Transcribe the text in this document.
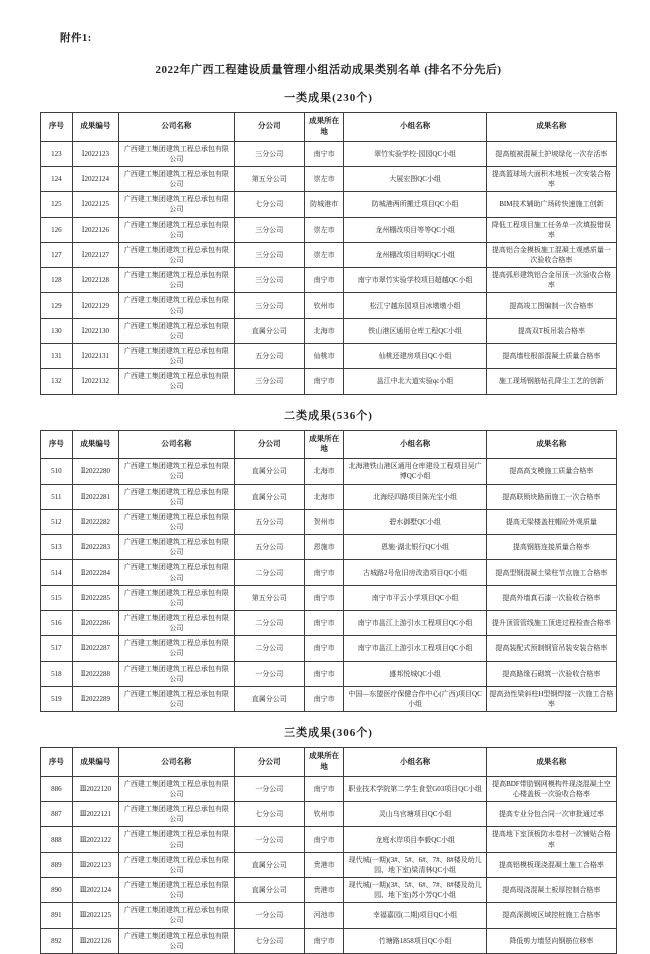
附件1:
2022年广西工程建设质量管理小组活动成果类别名单 (排名不分先后)
一类成果(230个)
序号	成果编号	公司名称	分公司	成果所在地	小组名称	成果名称
123	Ⅰ2022123	广西建工集团建筑工程总承包有限公司	三分公司	南宁市	翠竹实验学校·园园QC小组	提高植被混凝土护坡绿化一次存活率
124	Ⅰ2022124	广西建工集团建筑工程总承包有限公司	第五分公司	崇左市	大展宏图QC小组	提高篮球场大面积木地板一次安装合格率
125	Ⅰ2022125	广西建工集团建筑工程总承包有限公司	七分公司	防城港市	防城港两所搬迁项目QC小组	BIM技术辅助广场砖快速施工创新
126	Ⅰ2022126	广西建工集团建筑工程总承包有限公司	三分公司	崇左市	龙州棚改项目等等QC小组	降低工程项目施工任务单一次填报错误率
127	Ⅰ2022127	广西建工集团建筑工程总承包有限公司	三分公司	崇左市	龙州棚改项目明明QC小组	提高铝合金模板施工混凝土观感质量一次验收合格率
128	Ⅰ2022128	广西建工集团建筑工程总承包有限公司	三分公司	南宁市	南宁市翠竹实验学校项目超越QC小组	提高弧形建筑铝合金吊顶一次验收合格率
129	Ⅰ2022129	广西建工集团建筑工程总承包有限公司	三分公司	钦州市	松江宁越东园项目冰墩墩小组	提高竣工图编制一次合格率
130	Ⅰ2022130	广西建工集团建筑工程总承包有限公司	直属分公司	北海市	铁山港区通用仓库工程QC小组	提高双T板吊装合格率
131	Ⅰ2022131	广西建工集团建筑工程总承包有限公司	五分公司	仙桃市	仙桃还建房项目QC小组	提高墙柱根部混凝土质量合格率
132	Ⅰ2022132	广西建工集团建筑工程总承包有限公司	三分公司	南宁市	邕江中北大道实验qc小组	施工现场钢筋钻孔降尘工艺的创新
二类成果(536个)
序号	成果编号	公司名称	分公司	成果所在地	小组名称	成果名称
510	Ⅱ2022280	广西建工集团建筑工程总承包有限公司	直属分公司	北海市	北海港铁山港区通用仓库建设工程项目吴广博QC小组	提高高支模施工质量合格率
511	Ⅱ2022281	广西建工集团建筑工程总承包有限公司	直属分公司	北海市	北海经四路项目陈光宝小组	提高联锁块路面施工一次合格率
512	Ⅱ2022282	广西建工集团建筑工程总承包有限公司	五分公司	贺州市	碧水御墅QC小组	提高无梁楼盖柱帽砼外观质量
513	Ⅱ2022283	广西建工集团建筑工程总承包有限公司	五分公司	恩施市	恩施·湖北银行QC小组	提高钢筋连接质量合格率
514	Ⅱ2022284	广西建工集团建筑工程总承包有限公司	二分公司	南宁市	古城路2号危旧房改造项目QC小组	提高型钢混凝土梁柱节点施工合格率
515	Ⅱ2022285	广西建工集团建筑工程总承包有限公司	第五分公司	南宁市	南宁市平云小学项目QC小组	提高外墙真石漆一次验收合格率
516	Ⅱ2022286	广西建工集团建筑工程总承包有限公司	二分公司	南宁市	南宁市邕江上游引水工程项目QC小组	提升顶管管线施工顶进过程检查合格率
517	Ⅱ2022287	广西建工集团建筑工程总承包有限公司	二分公司	南宁市	南宁市邕江上游引水工程项目QC小组	提高装配式预制钢管吊装安装合格率
518	Ⅱ2022288	广西建工集团建筑工程总承包有限公司	一分公司	南宁市	盛邦悦城QC小组	提高路缘石砌筑一次验收合格率
519	Ⅱ2022289	广西建工集团建筑工程总承包有限公司	直属分公司	南宁市	中国—东盟医疗保健合作中心(广西)项目QC小组	提高劲性梁斜柱H型钢焊接一次施工合格率
三类成果(306个)
序号	成果编号	公司名称	分公司	成果所在地	小组名称	成果名称
886	Ⅲ2022120	广西建工集团建筑工程总承包有限公司	一分公司	南宁市	职业技术学院第二学生食堂G03项目QC小组	提高BDF带肋钢网模构件现浇混凝土空心楼盖板一次验收合格率
887	Ⅲ2022121	广西建工集团建筑工程总承包有限公司	七分公司	钦州市	灵山乌官塘项目QC小组	提高专业分包合同一次审批通过率
888	Ⅲ2022122	广西建工集团建筑工程总承包有限公司	一分公司	南宁市	龙庭水岸项目李毅QC小组	提高地下室顶板防水卷材一次铺贴合格率
889	Ⅲ2022123	广西建工集团建筑工程总承包有限公司	直属分公司	贵港市	现代城(一期)(3#、5#、6#、7#、8#楼及幼儿园、地下室)梁清林QC小组	提高铝模板现浇混凝土施工合格率
890	Ⅲ2022124	广西建工集团建筑工程总承包有限公司	直属分公司	贵港市	现代城(一期)(3#、5#、6#、7#、8#楼及幼儿园、地下室)苏小芳QC小组	提高现浇混凝土板厚控制合格率
891	Ⅲ2022125	广西建工集团建筑工程总承包有限公司	一分公司	河池市	幸福嘉园(二期)项目QC小组	提高深测坡区域控桩施工合格率
892	Ⅲ2022126	广西建工集团建筑工程总承包有限公司	七分公司	南宁市	竹塘路1858项目QC小组	降低剪力墙竖向钢筋位移率
